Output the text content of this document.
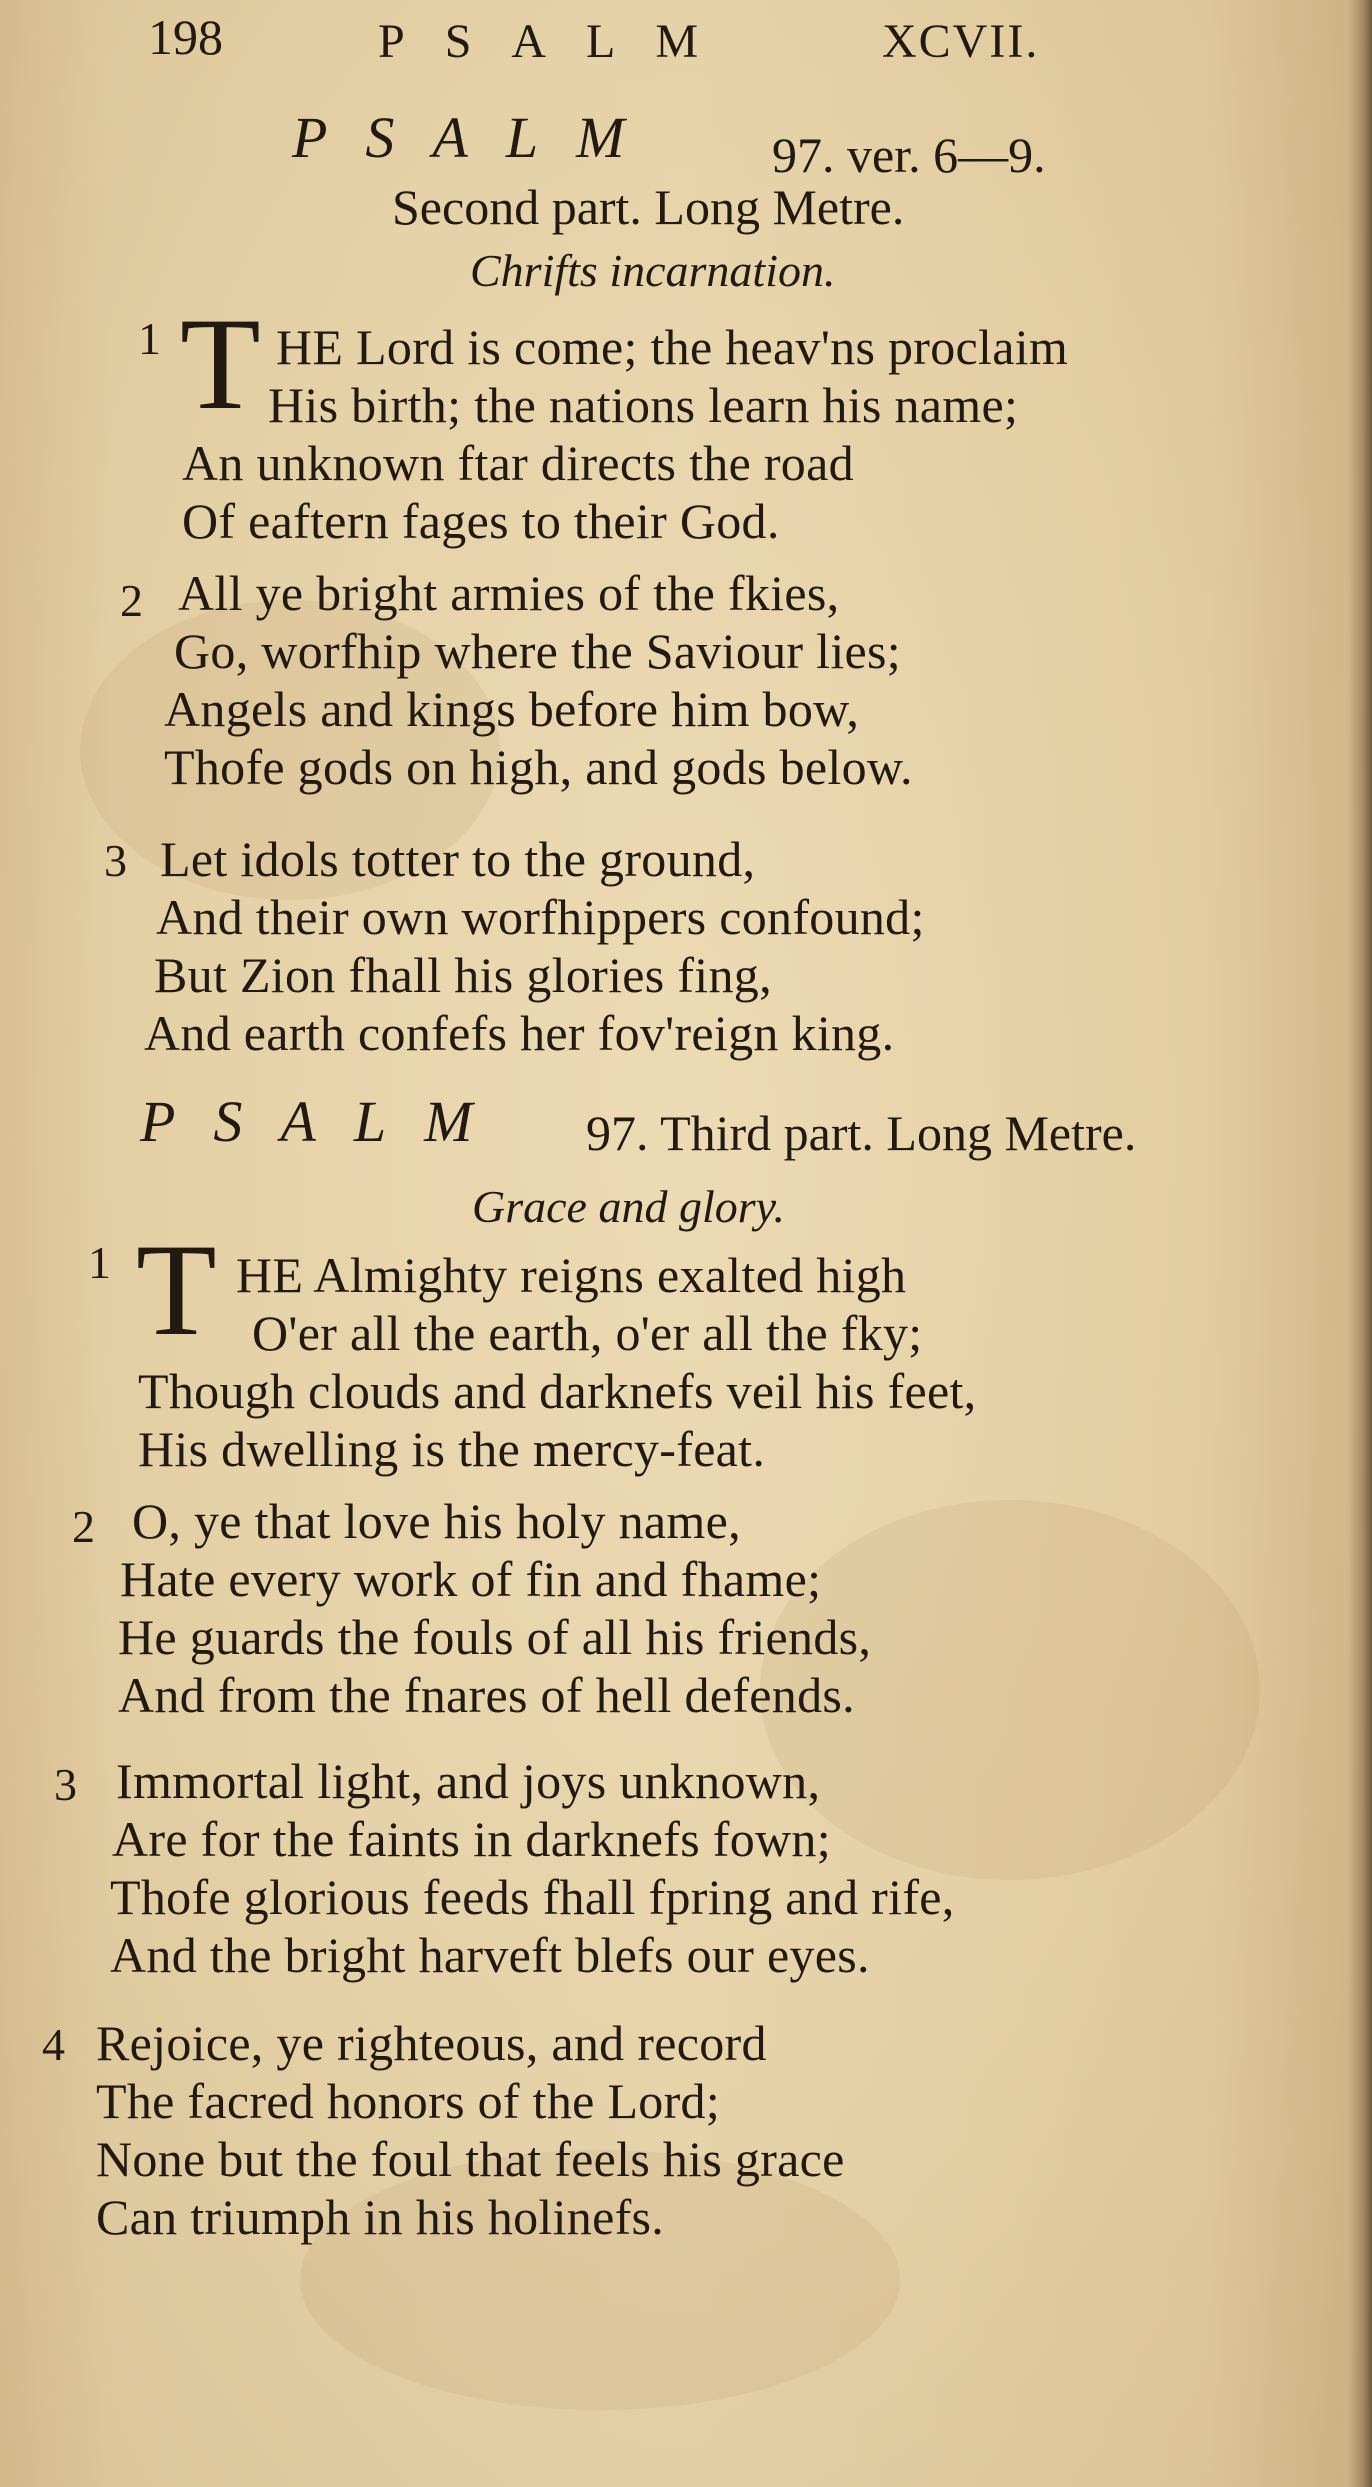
198	PSALM	XCVII.
PSALM 97. ver. 6—9.
Second part. Long Metre.
Chrifts incarnation.
1 T HE Lord is come; the heav'ns proclaim
His birth; the nations learn his name;
An unknown ftar directs the road
Of eaftern fages to their God.
2 All ye bright armies of the fkies,
Go, worfhip where the Saviour lies;
Angels and kings before him bow,
Thofe gods on high, and gods below.
3 Let idols totter to the ground,
And their own worfhippers confound;
But Zion fhall his glories fing,
And earth confefs her fov'reign king.
PSALM 97. Third part. Long Metre.
Grace and glory.
1 T HE Almighty reigns exalted high
O'er all the earth, o'er all the fky;
Though clouds and darknefs veil his feet,
His dwelling is the mercy-feat.
2 O, ye that love his holy name,
Hate every work of fin and fhame;
He guards the fouls of all his friends,
And from the fnares of hell defends.
3 Immortal light, and joys unknown,
Are for the faints in darknefs fown;
Thofe glorious feeds fhall fpring and rife,
And the bright harveft blefs our eyes.
4 Rejoice, ye righteous, and record
The facred honors of the Lord;
None but the foul that feels his grace
Can triumph in his holinefs.
